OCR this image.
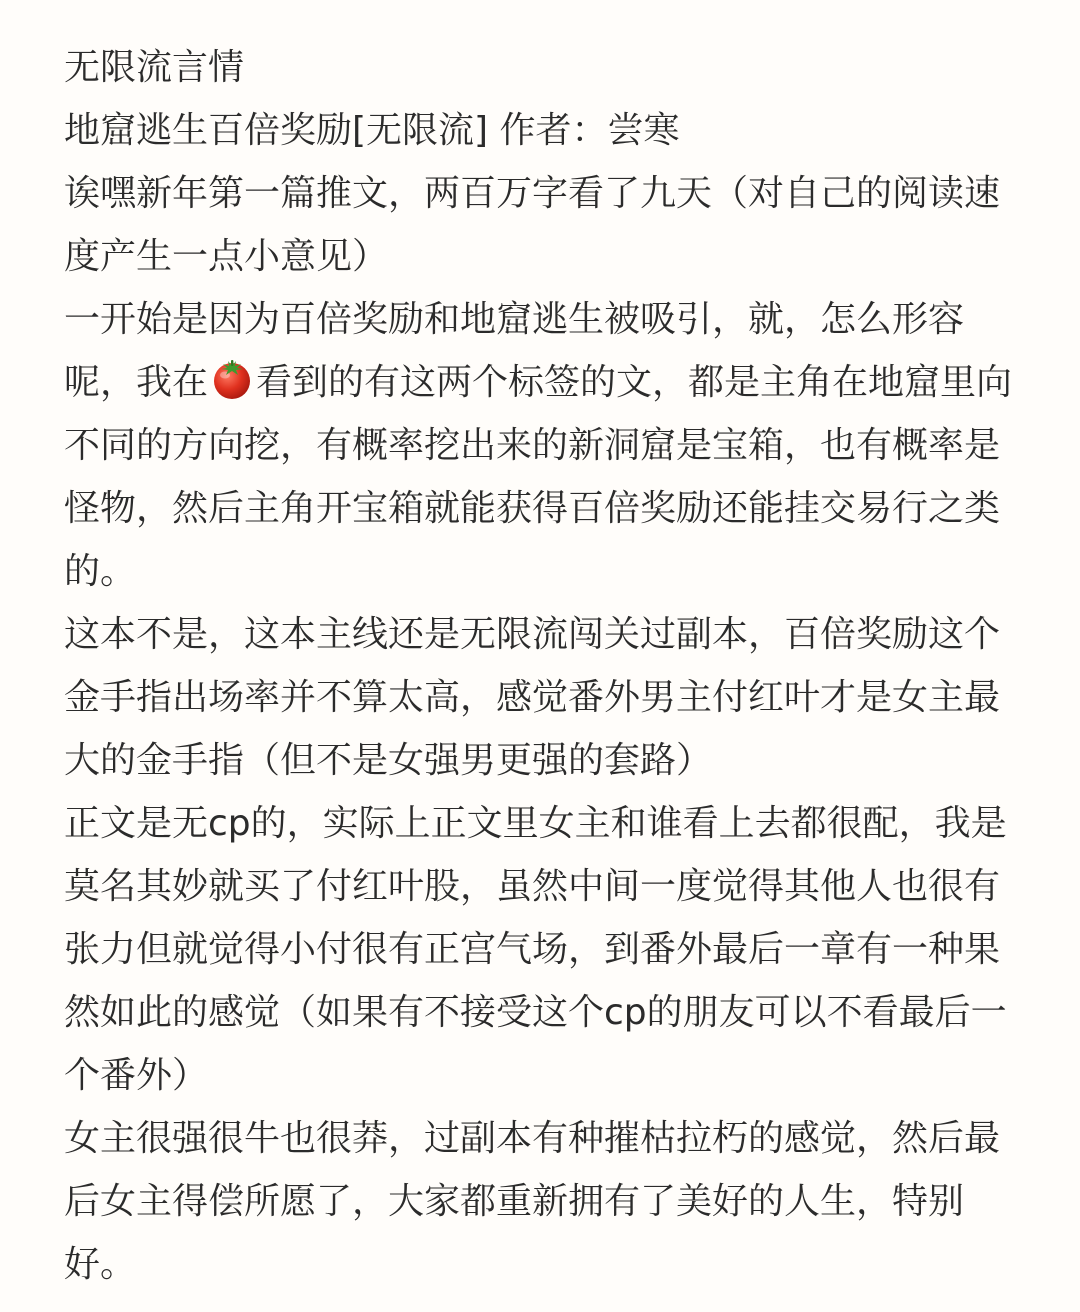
无限流言情

地窟逃生百倍奖励[无限流] 作者：尝寒

诶嘿新年第一篇推文，两百万字看了九天（对自己的阅读速度产生一点小意见）

一开始是因为百倍奖励和地窟逃生被吸引，就，怎么形容呢，我在 看到的有这两个标签的文，都是主角在地窟里向不同的方向挖，有概率挖出来的新洞窟是宝箱，也有概率是怪物，然后主角开宝箱就能获得百倍奖励还能挂交易行之类的。

这本不是，这本主线还是无限流闯关过副本，百倍奖励这个金手指出场率并不算太高，感觉番外男主付红叶才是女主最大的金手指（但不是女强男更强的套路）

正文是无cp的，实际上正文里女主和谁看上去都很配，我是莫名其妙就买了付红叶股，虽然中间一度觉得其他人也很有张力但就觉得小付很有正宫气场，到番外最后一章有一种果然如此的感觉（如果有不接受这个cp的朋友可以不看最后一个番外）

女主很强很牛也很莽，过副本有种摧枯拉朽的感觉，然后最后女主得偿所愿了，大家都重新拥有了美好的人生，特别好。
